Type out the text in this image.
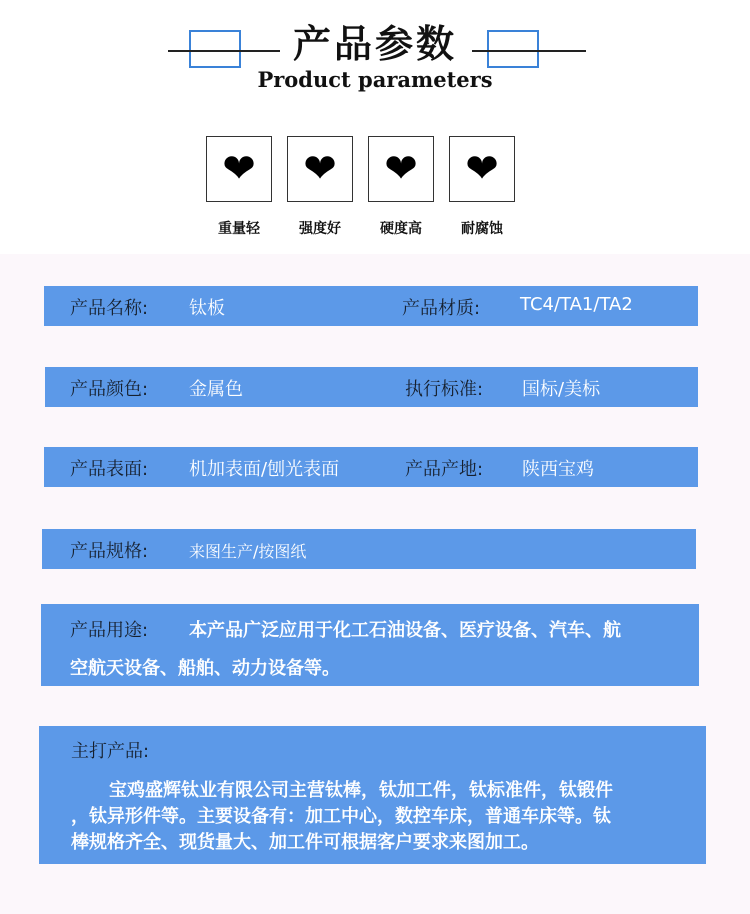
产品参数
Product parameters
❤
重量轻
❤
强度好
❤
硬度高
❤
耐腐蚀
产品名称: 钛板	产品材质: TC4/TA1/TA2
产品颜色: 金属色	执行标准: 国标/美标
产品表面: 机加表面/刨光表面	产品产地: 陕西宝鸡
产品规格:	来图生产/按图纸
产品用途: 本产品广泛应用于化工石油设备、医疗设备、汽车、航
空航天设备、船舶、动力设备等。
主打产品:
宝鸡盛辉钛业有限公司主营钛棒，钛加工件，钛标准件，钛锻件
，钛异形件等。主要设备有：加工中心，数控车床，普通车床等。钛
棒规格齐全、现货量大、加工件可根据客户要求来图加工。
